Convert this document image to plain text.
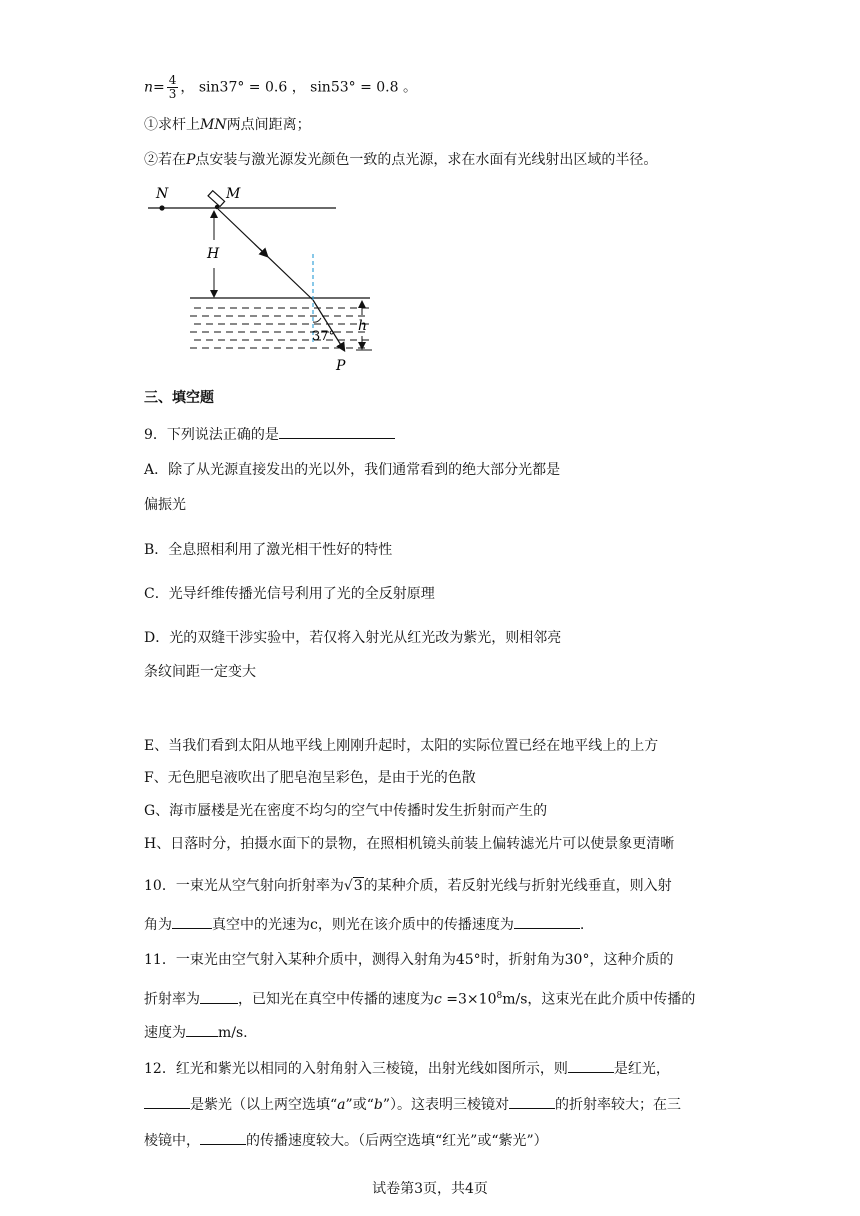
$n= \frac{4}{3}$ ， sin37° = 0.6 ， sin53° = 0.8 。
①求杆上MN两点间距离；
②若在P点安装与激光源发光颜色一致的点光源，求在水面有光线射出区域的半径。
N	M
H
37°
h
P
三、填空题
9．下列说法正确的是
A．除了从光源直接发出的光以外，我们通常看到的绝大部分光都是
偏振光
B．全息照相利用了激光相干性好的特性
C．光导纤维传播光信号利用了光的全反射原理
D．光的双缝干涉实验中，若仅将入射光从红光改为紫光，则相邻亮
条纹间距一定变大
E、当我们看到太阳从地平线上刚刚升起时，太阳的实际位置已经在地平线上的上方
F、无色肥皂液吹出了肥皂泡呈彩色，是由于光的色散
G、海市蜃楼是光在密度不均匀的空气中传播时发生折射而产生的
H、日落时分，拍摄水面下的景物，在照相机镜头前装上偏转滤光片可以使景象更清晰
10．一束光从空气射向折射率为√3的某种介质，若反射光线与折射光线垂直，则入射
角为	真空中的光速为c，则光在该介质中的传播速度为	.
11．一束光由空气射入某种介质中，测得入射角为45°时，折射角为30°，这种介质的
折射率为	，已知光在真空中传播的速度为$c =3\times 10^8m/s$，这束光在此介质中传播的
速度为 m/s.
12．红光和紫光以相同的入射角射入三棱镜，出射光线如图所示，则	是红光，
是紫光（以上两空选填“a”或“b”）。这表明三棱镜对	的折射率较大；在三
棱镜中，	的传播速度较大。（后两空选填“红光”或“紫光”）
试卷第3页，共4页
